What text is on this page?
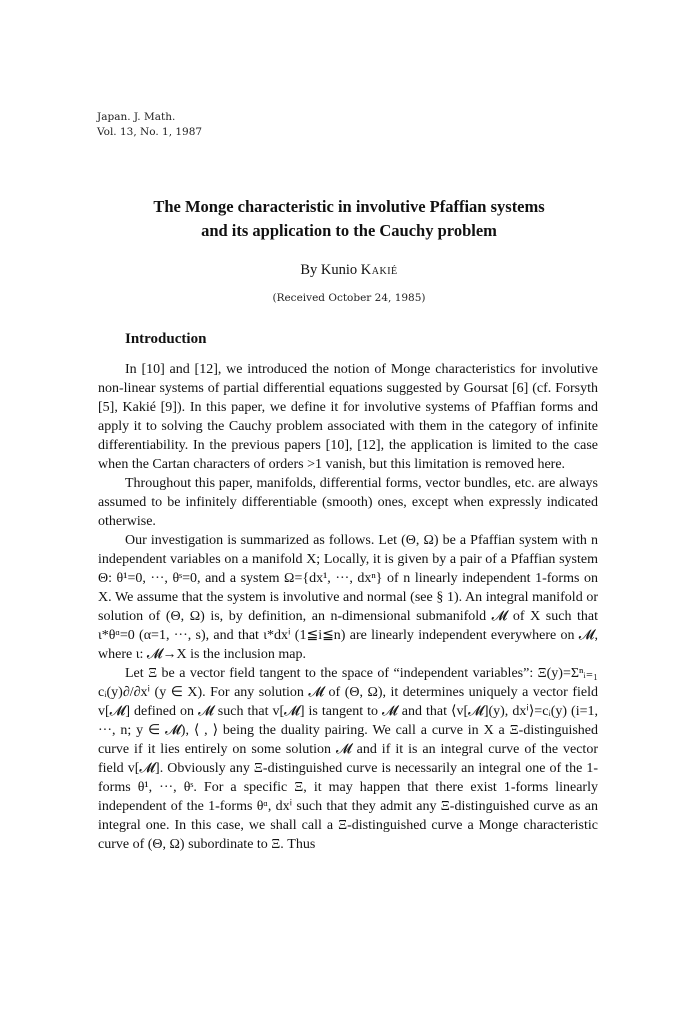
Japan. J. Math.
Vol. 13, No. 1, 1987
The Monge characteristic in involutive Pfaffian systems
and its application to the Cauchy problem
By Kunio Kakié
(Received October 24, 1985)
Introduction

In [10] and [12], we introduced the notion of Monge characteristics for involutive non-linear systems of partial differential equations suggested by Goursat [6] (cf. Forsyth [5], Kakié [9]). In this paper, we define it for involutive systems of Pfaffian forms and apply it to solving the Cauchy problem associated with them in the category of infinite differentiability. In the previous papers [10], [12], the application is limited to the case when the Cartan characters of orders >1 vanish, but this limitation is removed here.

Throughout this paper, manifolds, differential forms, vector bundles, etc. are always assumed to be infinitely differentiable (smooth) ones, except when expressly indicated otherwise.

Our investigation is summarized as follows. Let (Θ, Ω) be a Pfaffian system with n independent variables on a manifold X; Locally, it is given by a pair of a Pfaffian system Θ: θ¹=0, ···, θˢ=0, and a system Ω={dx¹, ···, dxⁿ} of n linearly independent 1-forms on X. We assume that the system is involutive and normal (see § 1). An integral manifold or solution of (Θ, Ω) is, by definition, an n-dimensional submanifold 𝓜 of X such that ι*θᵅ=0 (α=1, ···, s), and that ι*dxⁱ (1≦i≦n) are linearly independent everywhere on 𝓜, where ι: 𝓜→X is the inclusion map.

Let Ξ be a vector field tangent to the space of “independent variables”: Ξ(y)=Σⁿᵢ₌₁ cᵢ(y)∂/∂xⁱ (y ∈ X). For any solution 𝓜 of (Θ, Ω), it determines uniquely a vector field v[𝓜] defined on 𝓜 such that v[𝓜] is tangent to 𝓜 and that ⟨v[𝓜](y), dxⁱ⟩=cᵢ(y) (i=1, ···, n; y ∈ 𝓜), ⟨ , ⟩ being the duality pairing. We call a curve in X a Ξ-distinguished curve if it lies entirely on some solution 𝓜 and if it is an integral curve of the vector field v[𝓜]. Obviously any Ξ-distinguished curve is necessarily an integral one of the 1-forms θ¹, ···, θˢ. For a specific Ξ, it may happen that there exist 1-forms linearly independent of the 1-forms θᵅ, dxⁱ such that they admit any Ξ-distinguished curve as an integral one. In this case, we shall call a Ξ-distinguished curve a Monge characteristic curve of (Θ, Ω) subordinate to Ξ. Thus
